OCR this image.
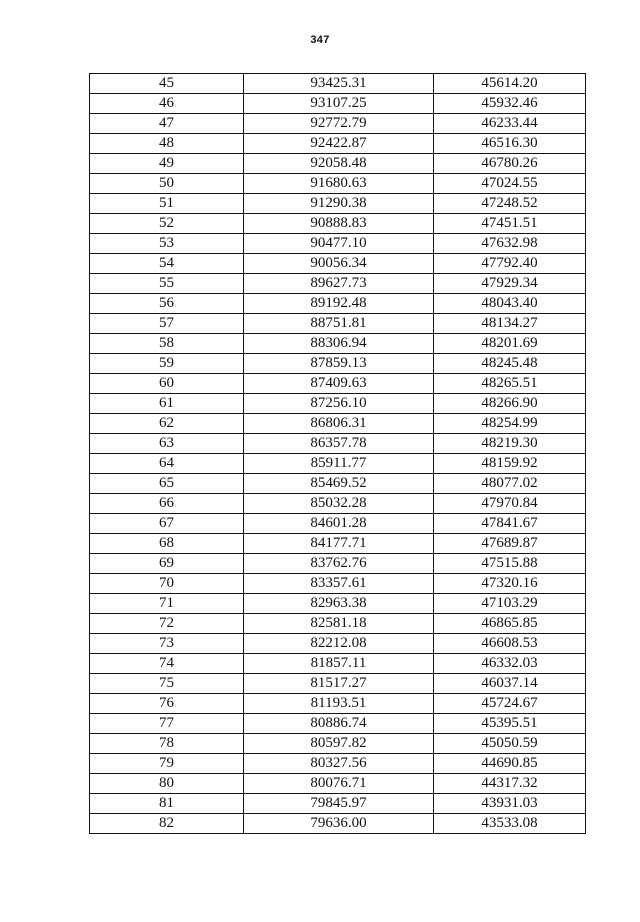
347
45	93425.31	45614.20
46	93107.25	45932.46
47	92772.79	46233.44
48	92422.87	46516.30
49	92058.48	46780.26
50	91680.63	47024.55
51	91290.38	47248.52
52	90888.83	47451.51
53	90477.10	47632.98
54	90056.34	47792.40
55	89627.73	47929.34
56	89192.48	48043.40
57	88751.81	48134.27
58	88306.94	48201.69
59	87859.13	48245.48
60	87409.63	48265.51
61	87256.10	48266.90
62	86806.31	48254.99
63	86357.78	48219.30
64	85911.77	48159.92
65	85469.52	48077.02
66	85032.28	47970.84
67	84601.28	47841.67
68	84177.71	47689.87
69	83762.76	47515.88
70	83357.61	47320.16
71	82963.38	47103.29
72	82581.18	46865.85
73	82212.08	46608.53
74	81857.11	46332.03
75	81517.27	46037.14
76	81193.51	45724.67
77	80886.74	45395.51
78	80597.82	45050.59
79	80327.56	44690.85
80	80076.71	44317.32
81	79845.97	43931.03
82	79636.00	43533.08
